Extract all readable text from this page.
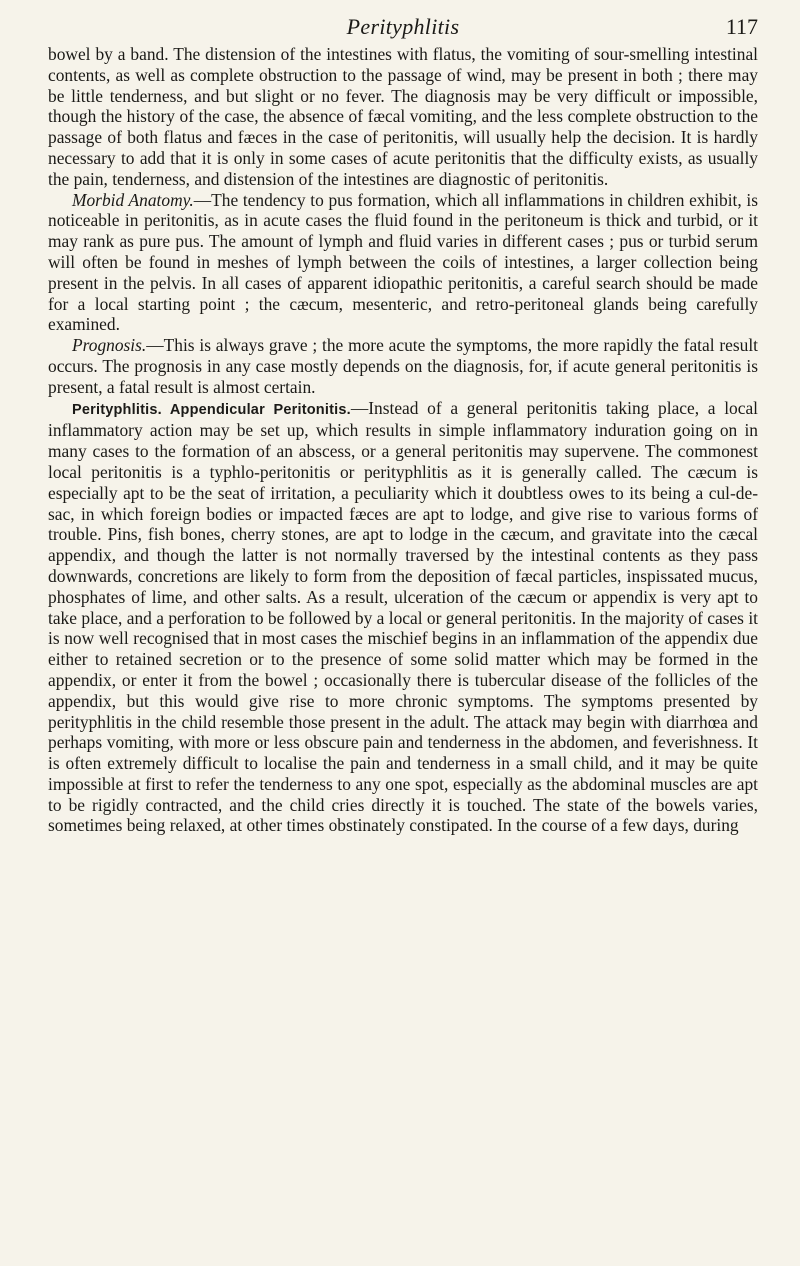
Perityphlitis	117

bowel by a band. The distension of the intestines with flatus, the vomiting of sour-smelling intestinal contents, as well as complete obstruction to the passage of wind, may be present in both ; there may be little tenderness, and but slight or no fever. The diagnosis may be very difficult or impossible, though the history of the case, the absence of fæcal vomiting, and the less complete obstruction to the passage of both flatus and fæces in the case of peritonitis, will usually help the decision. It is hardly necessary to add that it is only in some cases of acute peritonitis that the difficulty exists, as usually the pain, tenderness, and distension of the intestines are diagnostic of peritonitis.

Morbid Anatomy.—The tendency to pus formation, which all inflammations in children exhibit, is noticeable in peritonitis, as in acute cases the fluid found in the peritoneum is thick and turbid, or it may rank as pure pus. The amount of lymph and fluid varies in different cases ; pus or turbid serum will often be found in meshes of lymph between the coils of intestines, a larger collection being present in the pelvis. In all cases of apparent idiopathic peritonitis, a careful search should be made for a local starting point ; the cæcum, mesenteric, and retro-peritoneal glands being carefully examined.

Prognosis.—This is always grave ; the more acute the symptoms, the more rapidly the fatal result occurs. The prognosis in any case mostly depends on the diagnosis, for, if acute general peritonitis is present, a fatal result is almost certain.

Perityphlitis. Appendicular Peritonitis.—Instead of a general peritonitis taking place, a local inflammatory action may be set up, which results in simple inflammatory induration going on in many cases to the formation of an abscess, or a general peritonitis may supervene. The commonest local peritonitis is a typhlo-peritonitis or perityphlitis as it is generally called. The cæcum is especially apt to be the seat of irritation, a peculiarity which it doubtless owes to its being a cul-de-sac, in which foreign bodies or impacted fæces are apt to lodge, and give rise to various forms of trouble. Pins, fish bones, cherry stones, are apt to lodge in the cæcum, and gravitate into the cæcal appendix, and though the latter is not normally traversed by the intestinal contents as they pass downwards, concretions are likely to form from the deposition of fæcal particles, inspissated mucus, phosphates of lime, and other salts. As a result, ulceration of the cæcum or appendix is very apt to take place, and a perforation to be followed by a local or general peritonitis. In the majority of cases it is now well recognised that in most cases the mischief begins in an inflammation of the appendix due either to retained secretion or to the presence of some solid matter which may be formed in the appendix, or enter it from the bowel ; occasionally there is tubercular disease of the follicles of the appendix, but this would give rise to more chronic symptoms. The symptoms presented by perityphlitis in the child resemble those present in the adult. The attack may begin with diarrhœa and perhaps vomiting, with more or less obscure pain and tenderness in the abdomen, and feverishness. It is often extremely difficult to localise the pain and tenderness in a small child, and it may be quite impossible at first to refer the tenderness to any one spot, especially as the abdominal muscles are apt to be rigidly contracted, and the child cries directly it is touched. The state of the bowels varies, sometimes being relaxed, at other times obstinately constipated. In the course of a few days, during
